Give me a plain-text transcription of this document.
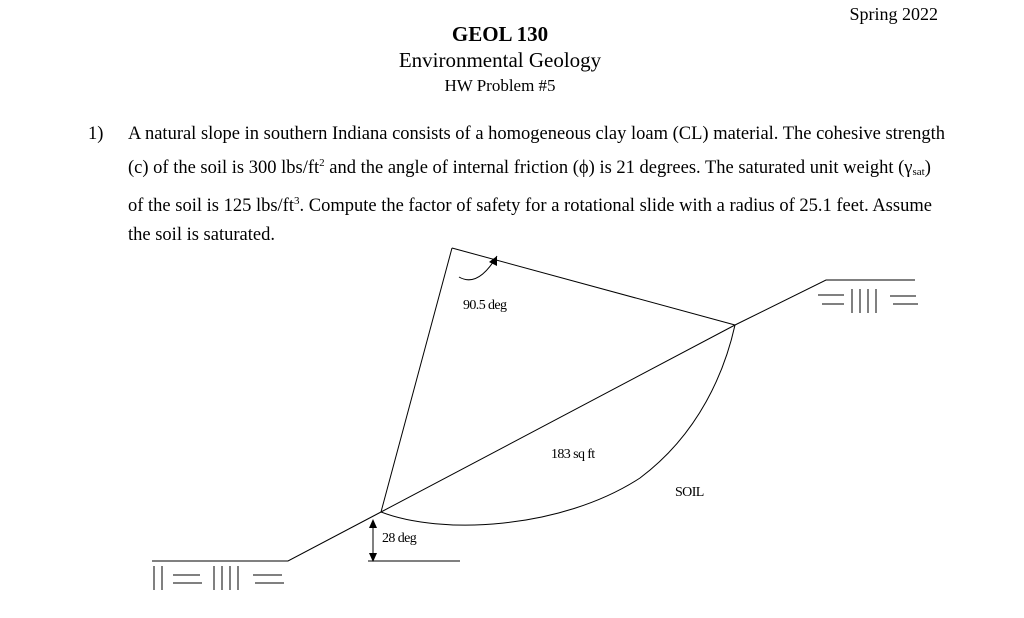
Spring 2022
GEOL 130
Environmental Geology
HW Problem #5
1) A natural slope in southern Indiana consists of a homogeneous clay loam (CL) material. The cohesive strength (c) of the soil is 300 lbs/$ft^2$ and the angle of internal friction (ϕ) is 21 degrees. The saturated unit weight (γsat) of the soil is 125 lbs/$ft^3$. Compute the factor of safety for a rotational slide with a radius of 25.1 feet. Assume the soil is saturated.
90.5 deg
183 sq ft
SOIL
28 deg
